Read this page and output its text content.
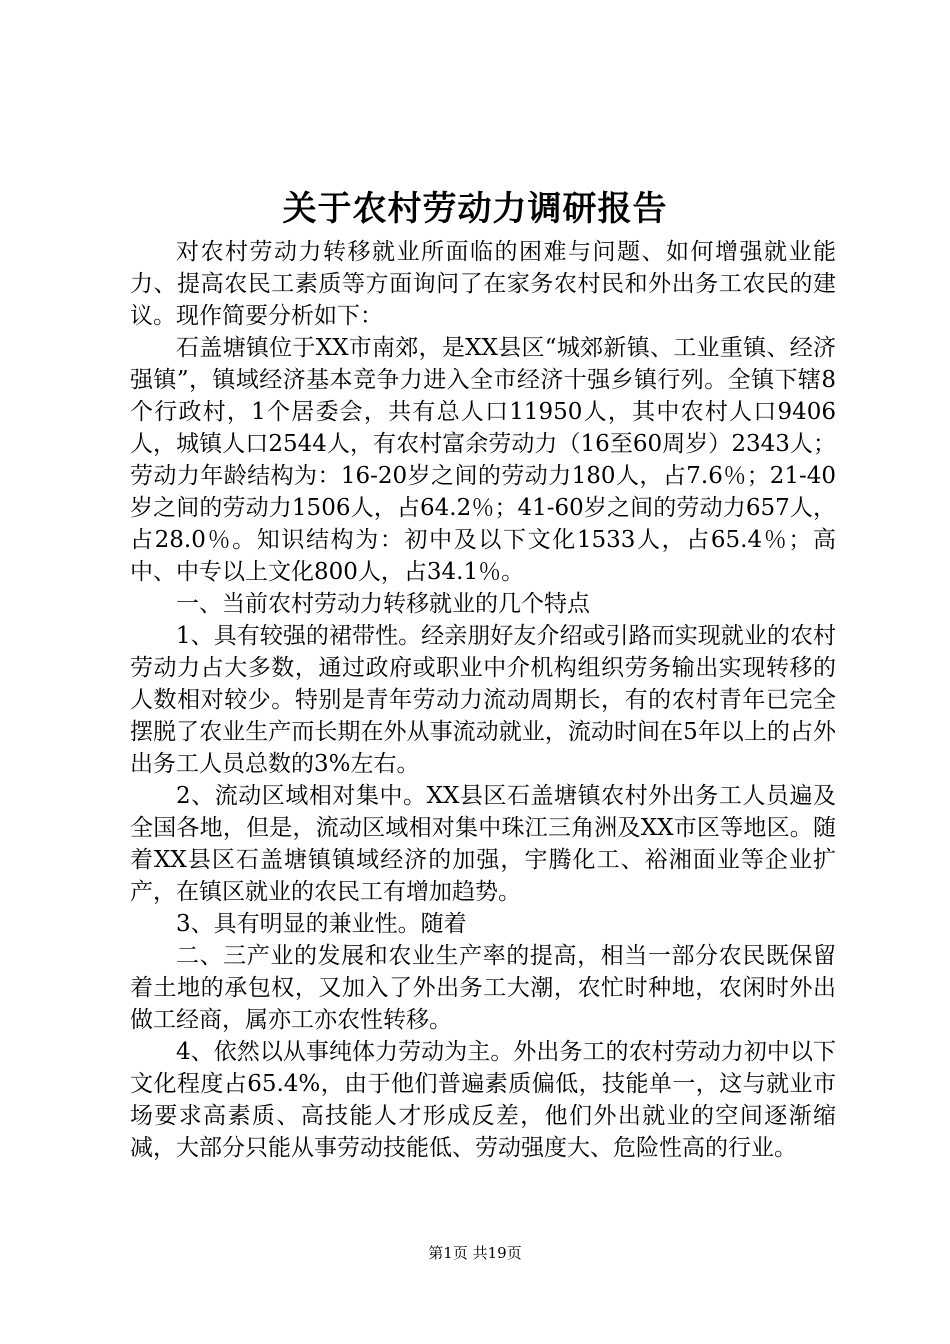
关于农村劳动力调研报告

对农村劳动力转移就业所面临的困难与问题、如何增强就业能力、提高农民工素质等方面询问了在家务农村民和外出务工农民的建议。现作简要分析如下：

石盖塘镇位于XX市南郊，是XX县区“城郊新镇、工业重镇、经济强镇”，镇域经济基本竞争力进入全市经济十强乡镇行列。全镇下辖8个行政村，1个居委会，共有总人口11950人，其中农村人口9406人，城镇人口2544人，有农村富余劳动力（16至60周岁）2343人；劳动力年龄结构为：16-20岁之间的劳动力180人，占7.6％；21-40岁之间的劳动力1506人，占64.2％；41-60岁之间的劳动力657人，占28.0％。知识结构为：初中及以下文化1533人，占65.4％；高中、中专以上文化800人，占34.1％。

一、当前农村劳动力转移就业的几个特点

1、具有较强的裙带性。经亲朋好友介绍或引路而实现就业的农村劳动力占大多数，通过政府或职业中介机构组织劳务输出实现转移的人数相对较少。特别是青年劳动力流动周期长，有的农村青年已完全摆脱了农业生产而长期在外从事流动就业，流动时间在5年以上的占外出务工人员总数的3%左右。

2、流动区域相对集中。XX县区石盖塘镇农村外出务工人员遍及全国各地，但是，流动区域相对集中珠江三角洲及XX市区等地区。随着XX县区石盖塘镇镇域经济的加强，宇腾化工、裕湘面业等企业扩产，在镇区就业的农民工有增加趋势。

3、具有明显的兼业性。随着

二、三产业的发展和农业生产率的提高，相当一部分农民既保留着土地的承包权，又加入了外出务工大潮，农忙时种地，农闲时外出做工经商，属亦工亦农性转移。

4、依然以从事纯体力劳动为主。外出务工的农村劳动力初中以下文化程度占65.4%，由于他们普遍素质偏低，技能单一，这与就业市场要求高素质、高技能人才形成反差，他们外出就业的空间逐渐缩减，大部分只能从事劳动技能低、劳动强度大、危险性高的行业。

第1页 共19页
